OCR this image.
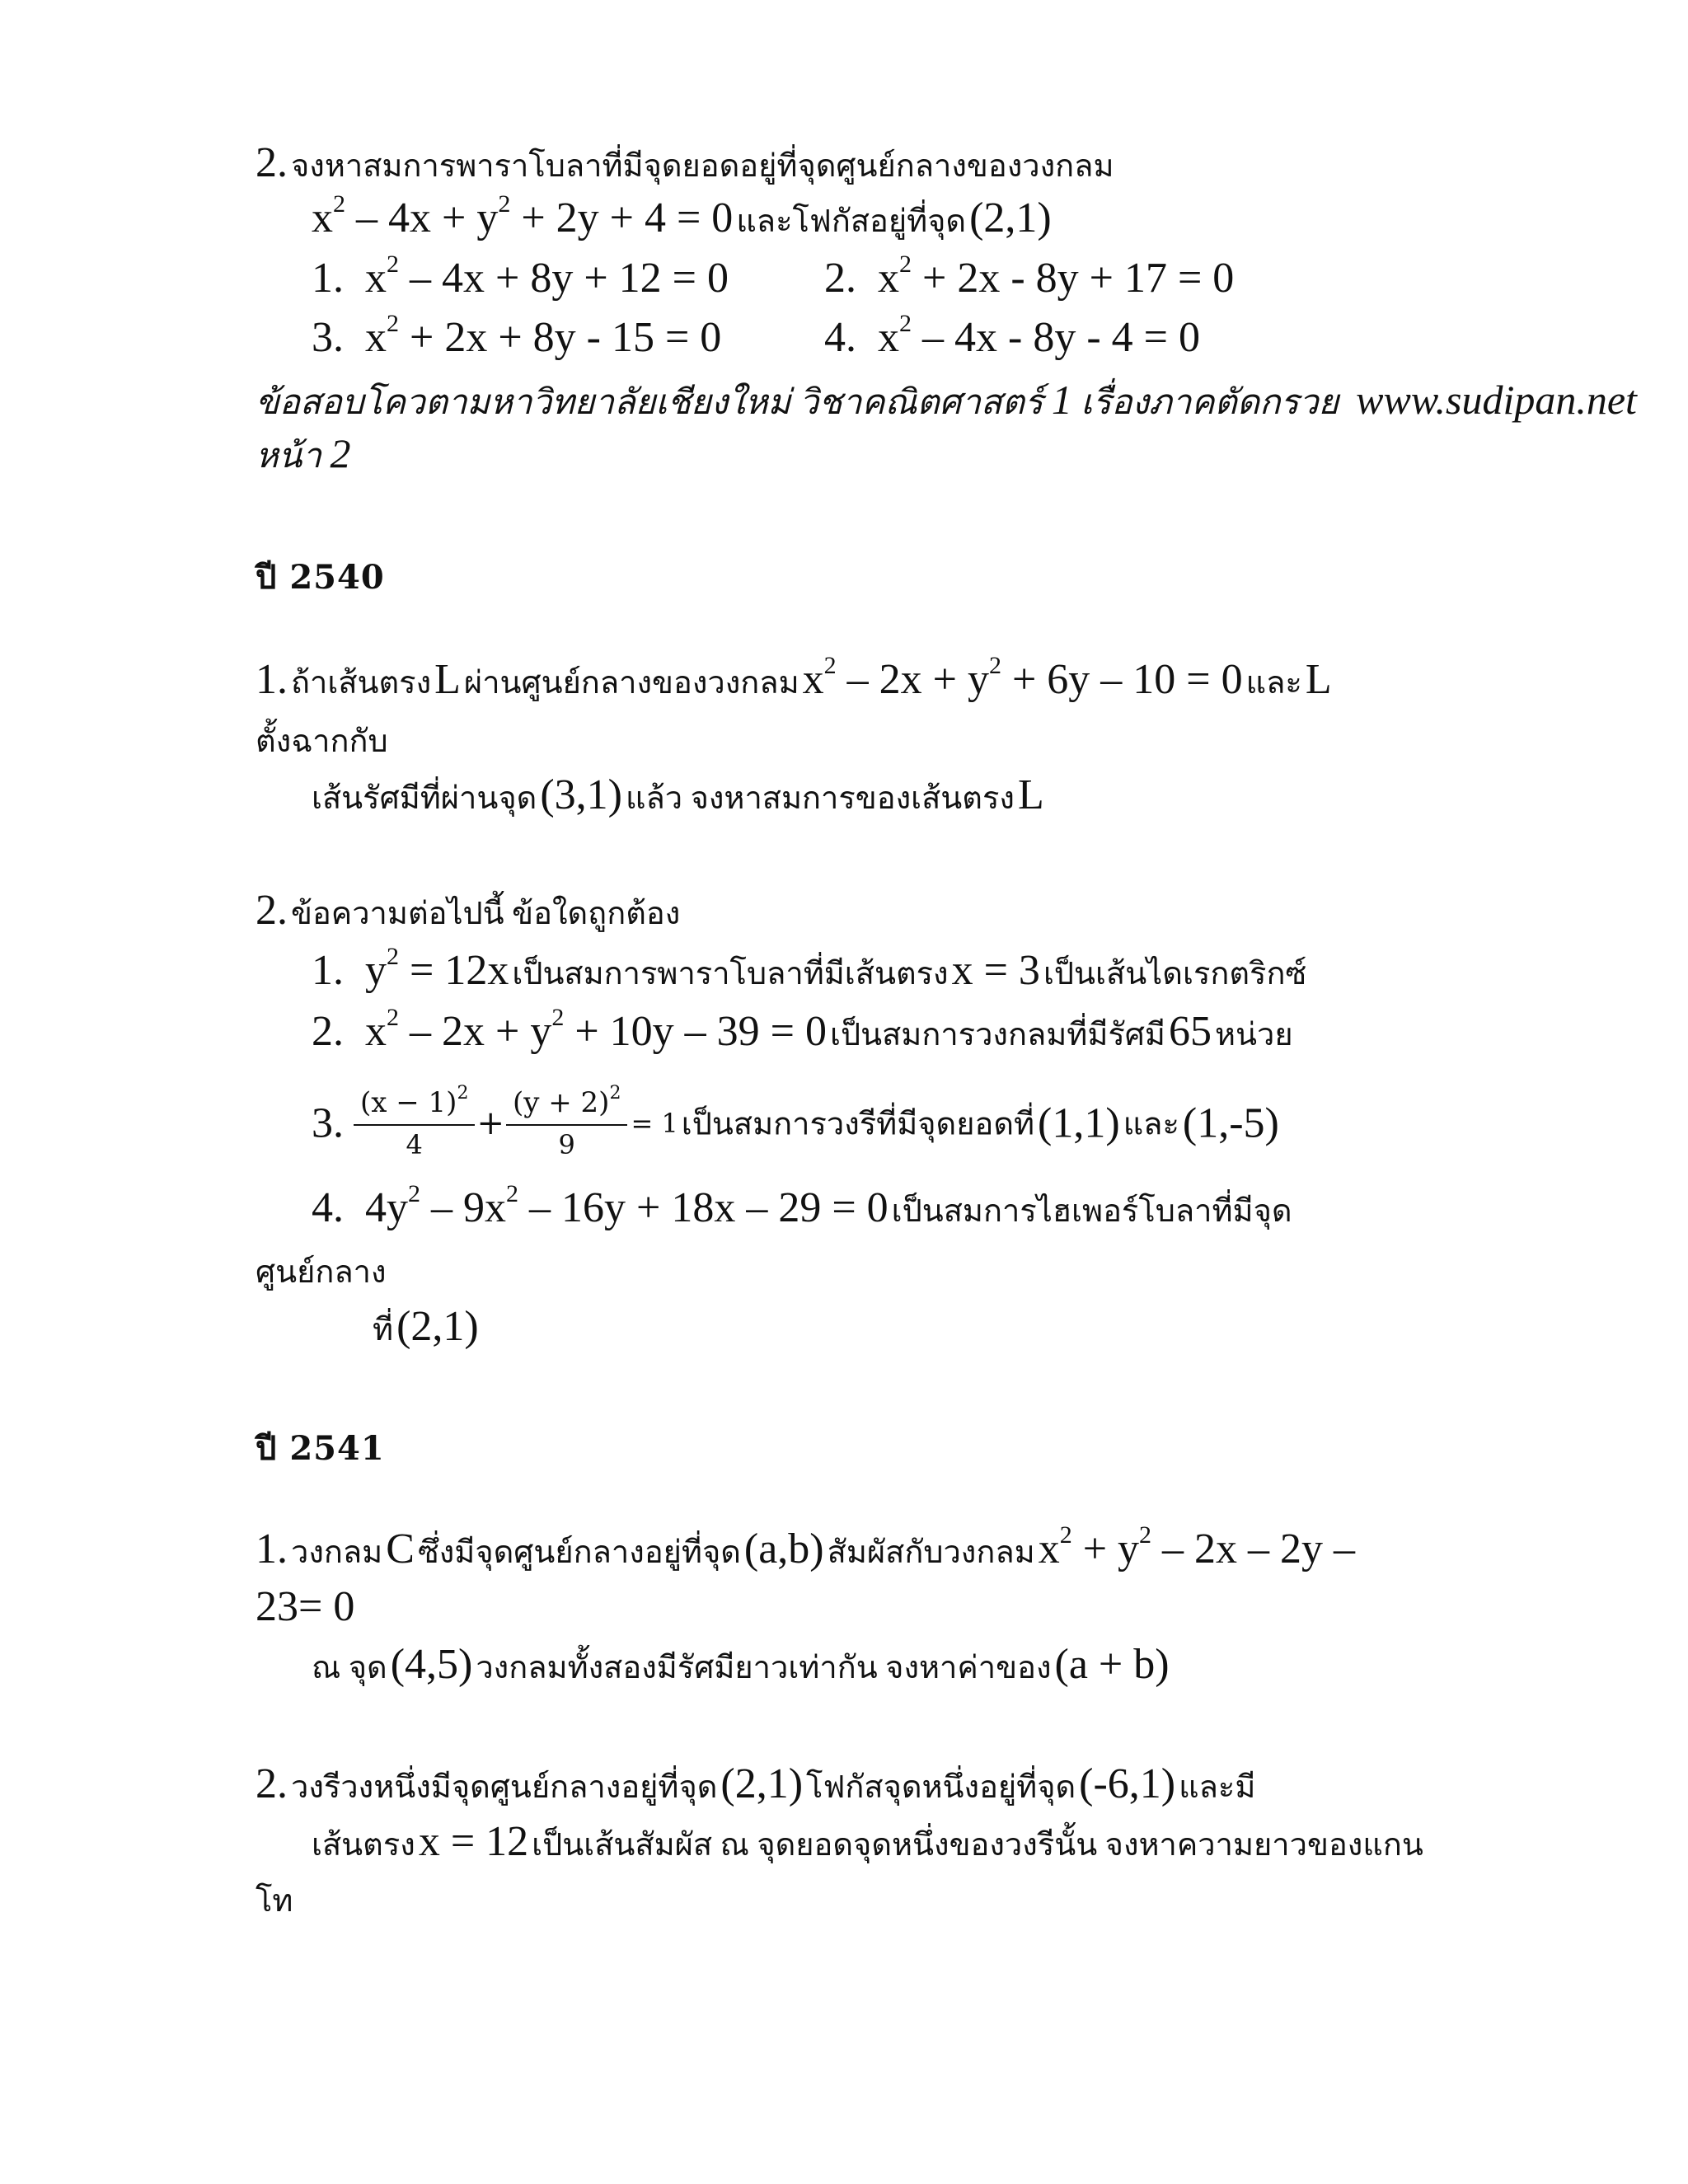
2. จงหาสมการพาราโบลาที่มีจุดยอดอยู่ที่จุดศูนย์กลางของวงกลม
$x^2 - 4x + y^2 + 2y + 4 = 0$ และโฟกัสอยู่ที่จุด (2,1)
1. $x^2 - 4x + 8y + 12 = 0$ 2. $x^2 + 2x - 8y + 17 = 0$
3. $x^2 + 2x + 8y - 15 = 0$ 4. $x^2 - 4x - 8y - 4 = 0$
ข้อสอบโควตามหาวิทยาลัยเชียงใหม่ วิชาคณิตศาสตร์ 1 เรื่องภาคตัดกรวย www.sudipan.net
หน้า 2
ปี 2540
1. ถ้าเส้นตรง L ผ่านศูนย์กลางของวงกลม $x^2 - 2x + y^2 + 6y - 10 = 0$ และ L
ตั้งฉากกับ
เส้นรัศมีที่ผ่านจุด (3,1) แล้ว จงหาสมการของเส้นตรง L
2. ข้อความต่อไปนี้ ข้อใดถูกต้อง
1. $y^2 = 12x$ เป็นสมการพาราโบลาที่มีเส้นตรง x = 3 เป็นเส้นไดเรกตริกซ์
2. $x^2 - 2x + y^2 + 10y - 39 = 0$ เป็นสมการวงกลมที่มีรัศมี 65 หน่วย
3. $\frac{(x - 1)^2}{4} + \frac{(y + 2)^2}{9} = 1$ เป็นสมการวงรีที่มีจุดยอดที่ (1,1) และ (1,-5)
4. $4y^2 - 9x^2 - 16y + 18x - 29 = 0$ เป็นสมการไฮเพอร์โบลาที่มีจุด
ศูนย์กลาง
ที่ (2,1)
ปี 2541
1. วงกลม C ซึ่งมีจุดศูนย์กลางอยู่ที่จุด (a,b) สัมผัสกับวงกลม $x^2 + y^2 - 2x - 2y$ –
23= 0
ณ จุด (4,5) วงกลมทั้งสองมีรัศมียาวเท่ากัน จงหาค่าของ (a + b)
2. วงรีวงหนึ่งมีจุดศูนย์กลางอยู่ที่จุด (2,1) โฟกัสจุดหนึ่งอยู่ที่จุด (-6,1) และมี
เส้นตรง x = 12 เป็นเส้นสัมผัส ณ จุดยอดจุดหนึ่งของวงรีนั้น จงหาความยาวของแกน
โท
